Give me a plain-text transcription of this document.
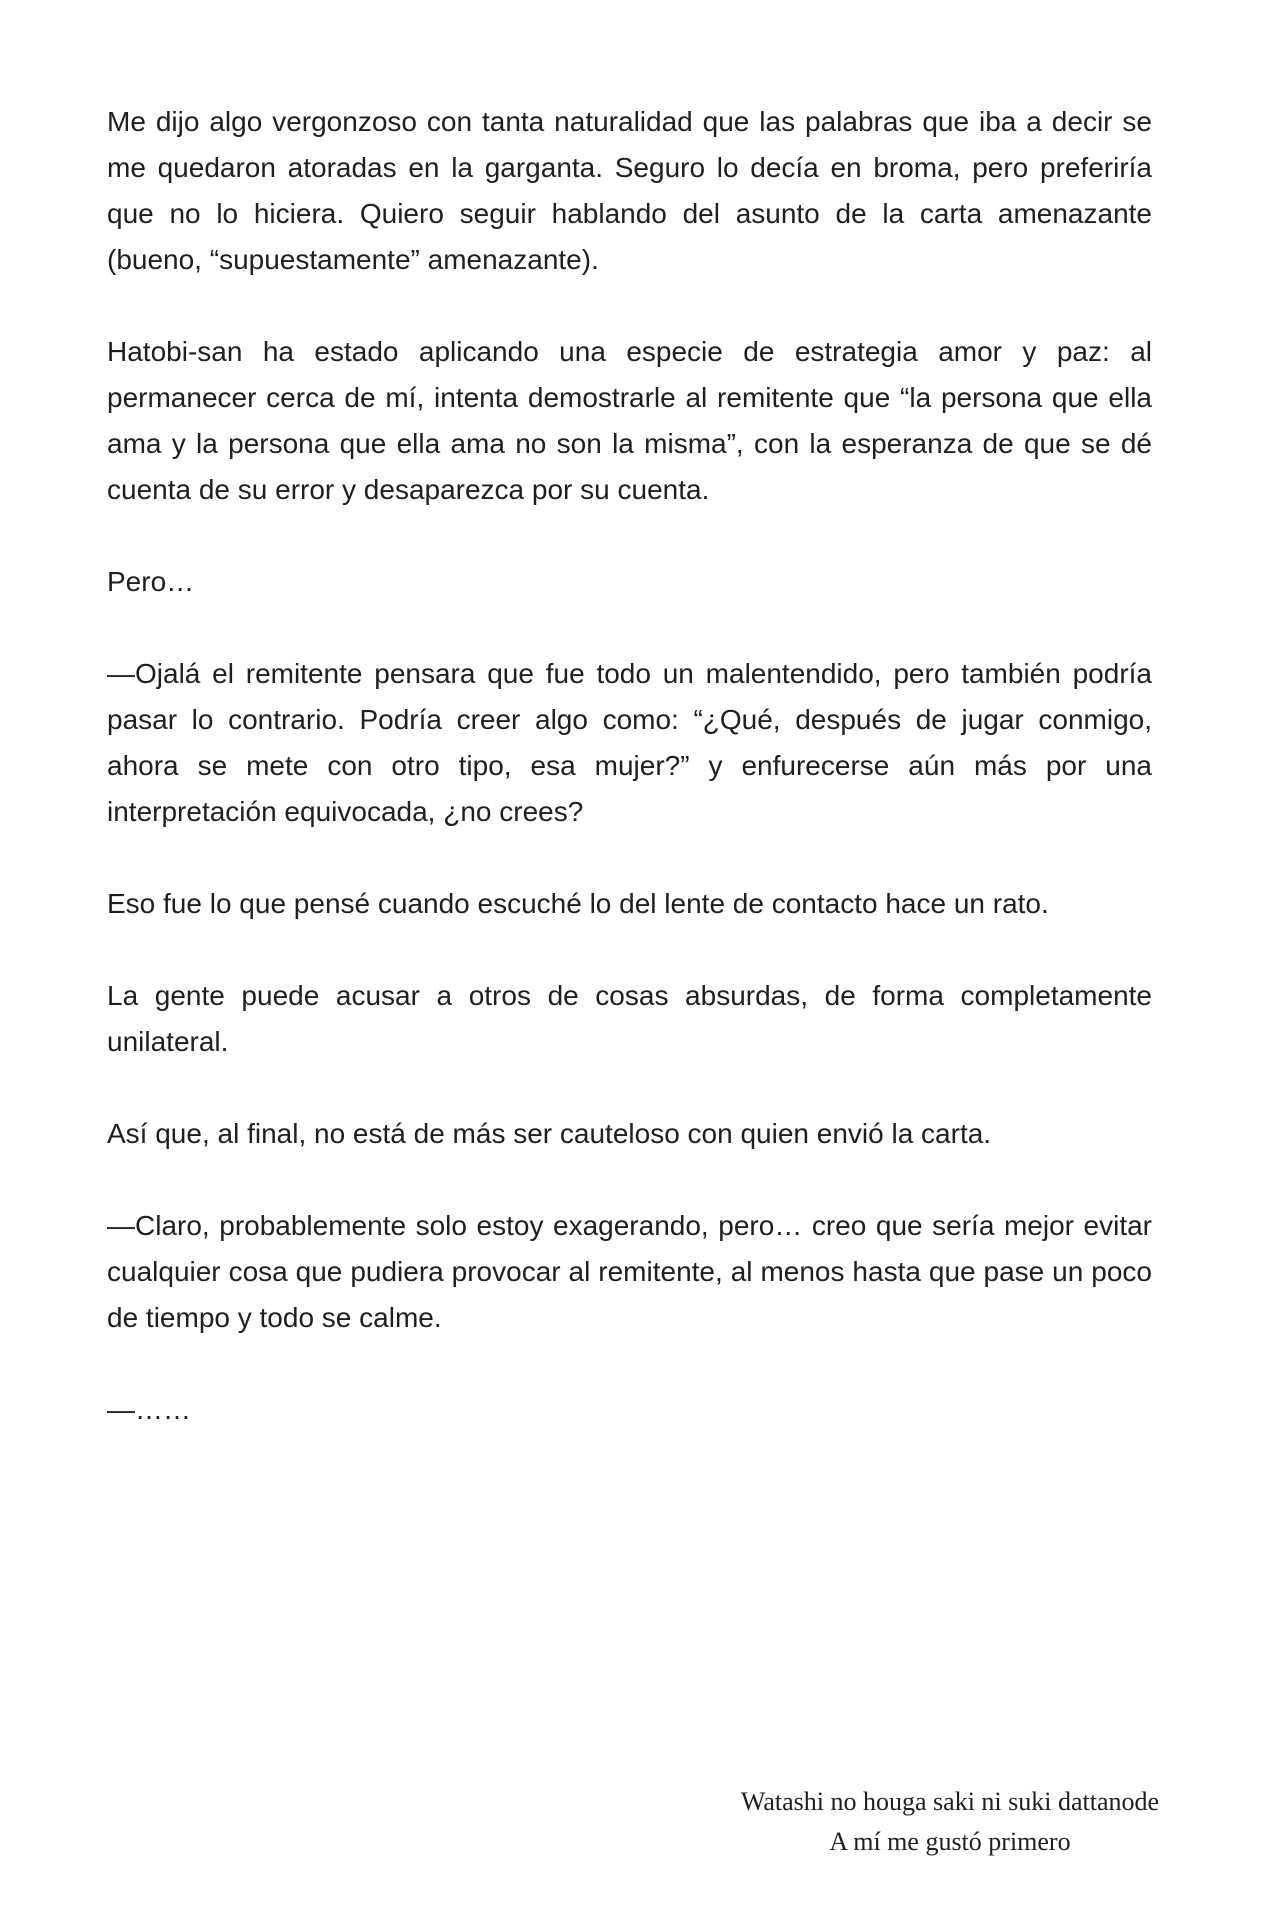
Me dijo algo vergonzoso con tanta naturalidad que las palabras que iba a decir se me quedaron atoradas en la garganta. Seguro lo decía en broma, pero preferiría que no lo hiciera. Quiero seguir hablando del asunto de la carta amenazante (bueno, “supuestamente” amenazante).

Hatobi-san ha estado aplicando una especie de estrategia amor y paz: al permanecer cerca de mí, intenta demostrarle al remitente que “la persona que ella ama y la persona que ella ama no son la misma”, con la esperanza de que se dé cuenta de su error y desaparezca por su cuenta.

Pero…

—Ojalá el remitente pensara que fue todo un malentendido, pero también podría pasar lo contrario. Podría creer algo como: “¿Qué, después de jugar conmigo, ahora se mete con otro tipo, esa mujer?” y enfurecerse aún más por una interpretación equivocada, ¿no crees?

Eso fue lo que pensé cuando escuché lo del lente de contacto hace un rato.

La gente puede acusar a otros de cosas absurdas, de forma completamente unilateral.

Así que, al final, no está de más ser cauteloso con quien envió la carta.

—Claro, probablemente solo estoy exagerando, pero… creo que sería mejor evitar cualquier cosa que pudiera provocar al remitente, al menos hasta que pase un poco de tiempo y todo se calme.

—……

Watashi no houga saki ni suki dattanode
A mí me gustó primero
